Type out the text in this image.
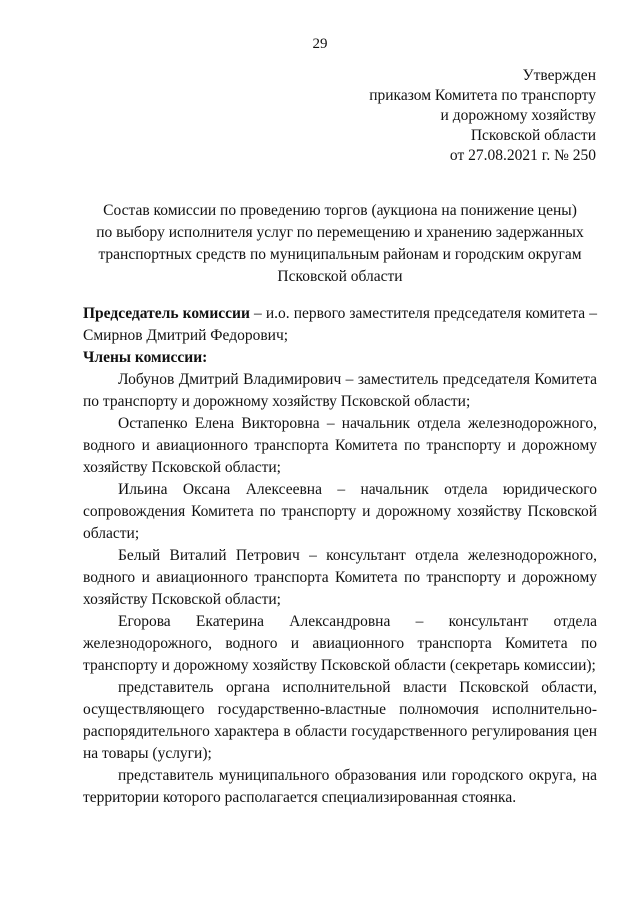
29
Утвержден
приказом Комитета по транспорту
и дорожному хозяйству
Псковской области
от 27.08.2021 г. № 250
Состав комиссии по проведению торгов (аукциона на понижение цены)
по выбору исполнителя услуг по перемещению и хранению задержанных
транспортных средств по муниципальным районам и городским округам
Псковской области

Председатель комиссии – и.о. первого заместителя председателя комитета – Смирнов Дмитрий Федорович;

Члены комиссии:

Лобунов Дмитрий Владимирович – заместитель председателя Комитета по транспорту и дорожному хозяйству Псковской области;

Остапенко Елена Викторовна – начальник отдела железнодорожного, водного и авиационного транспорта Комитета по транспорту и дорожному хозяйству Псковской области;

Ильина Оксана Алексеевна – начальник отдела юридического сопровождения Комитета по транспорту и дорожному хозяйству Псковской области;

Белый Виталий Петрович – консультант отдела железнодорожного, водного и авиационного транспорта Комитета по транспорту и дорожному хозяйству Псковской области;

Егорова Екатерина Александровна – консультант отдела железнодорожного, водного и авиационного транспорта Комитета по транспорту и дорожному хозяйству Псковской области (секретарь комиссии);

представитель органа исполнительной власти Псковской области, осуществляющего государственно-властные полномочия исполнительно-распорядительного характера в области государственного регулирования цен на товары (услуги);

представитель муниципального образования или городского округа, на территории которого располагается специализированная стоянка.
